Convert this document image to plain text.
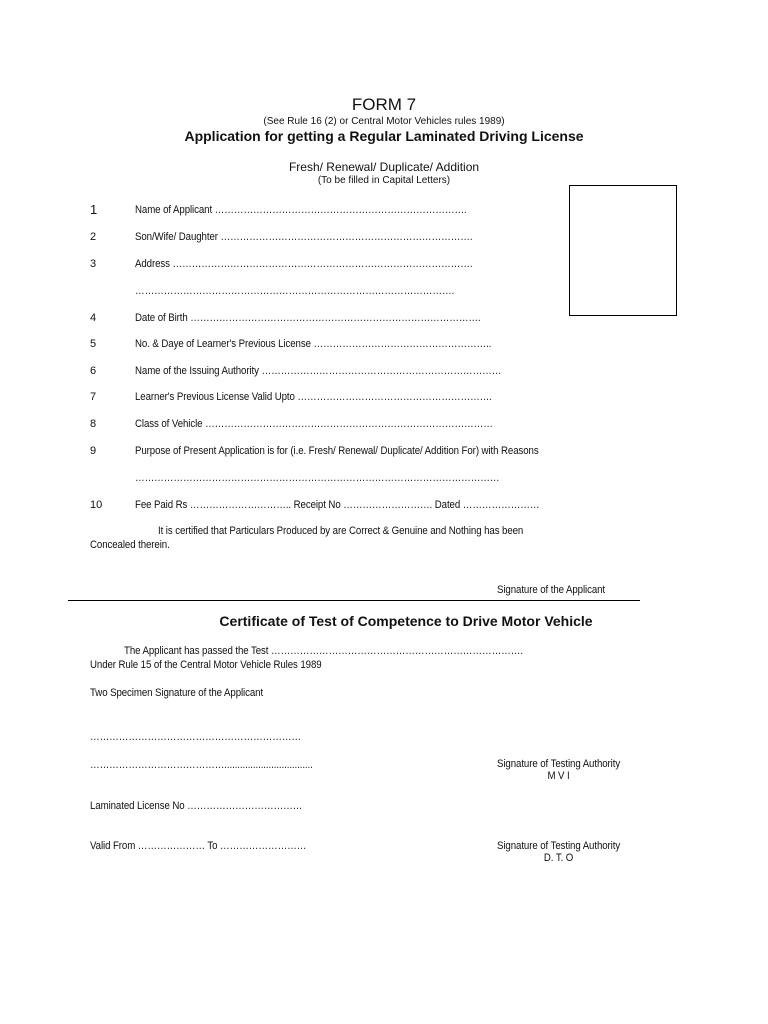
FORM 7
(See Rule 16 (2) or Central Motor Vehicles rules 1989)
Application for getting a Regular Laminated Driving License
Fresh/ Renewal/ Duplicate/ Addition
(To be filled in Capital Letters)
1	Name of Applicant …………………………………………………………………….
2	Son/Wife/ Daughter …………………………………………………………………….
3	Address ………………………………………………………………………………….
……………………………………………………………………………………….
4	Date of Birth ……………………………………………………………………………….
5	No. & Daye of Learner's Previous License ………………………………………………..
6	Name of the Issuing Authority …………………………………………………………………
7	Learner's Previous License Valid Upto …………………………………………………….
8	Class of Vehicle ………………………………………………………………………………
9	Purpose of Present Application is for (i.e. Fresh/ Renewal/ Duplicate/ Addition For) with Reasons
……………………………………………………………………………………………………
10	Fee Paid Rs ………………………….. Receipt No ………………………. Dated ……………………
It is certified that Particulars Produced by are Correct & Genuine and Nothing has been
Concealed therein.
Signature of the Applicant
Certificate of Test of Competence to Drive Motor Vehicle
The Applicant has passed the Test …………………………………………………………………….
Under Rule 15 of the Central Motor Vehicle Rules 1989
Two Specimen Signature of the Applicant
…………………………………………………………
……………………………………..................................	Signature of Testing Authority
M V I
Laminated License No ………………………………
Valid From ………………… To ………………………	Signature of Testing Authority
D. T. O
